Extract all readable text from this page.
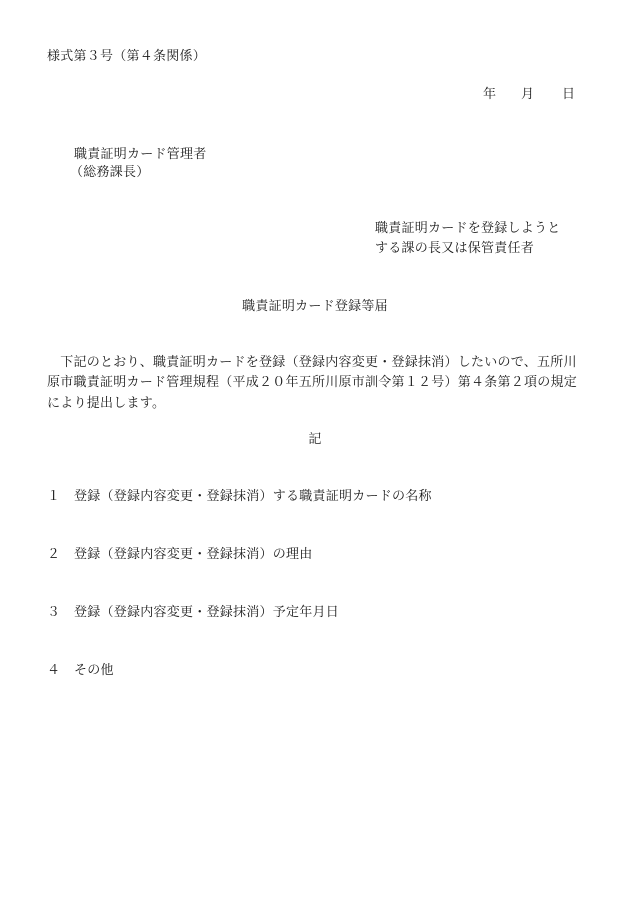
様式第３号（第４条関係）
年 月 日
職責証明カード管理者
（総務課長）
職責証明カードを登録しようと
する課の長又は保管責任者
職責証明カード登録等届
下記のとおり、職責証明カードを登録（登録内容変更・登録抹消）したいので、五所川
原市職責証明カード管理規程（平成２０年五所川原市訓令第１２号）第４条第２項の規定
により提出します。
記
１ 登録（登録内容変更・登録抹消）する職責証明カードの名称
２ 登録（登録内容変更・登録抹消）の理由
３ 登録（登録内容変更・登録抹消）予定年月日
４ その他
